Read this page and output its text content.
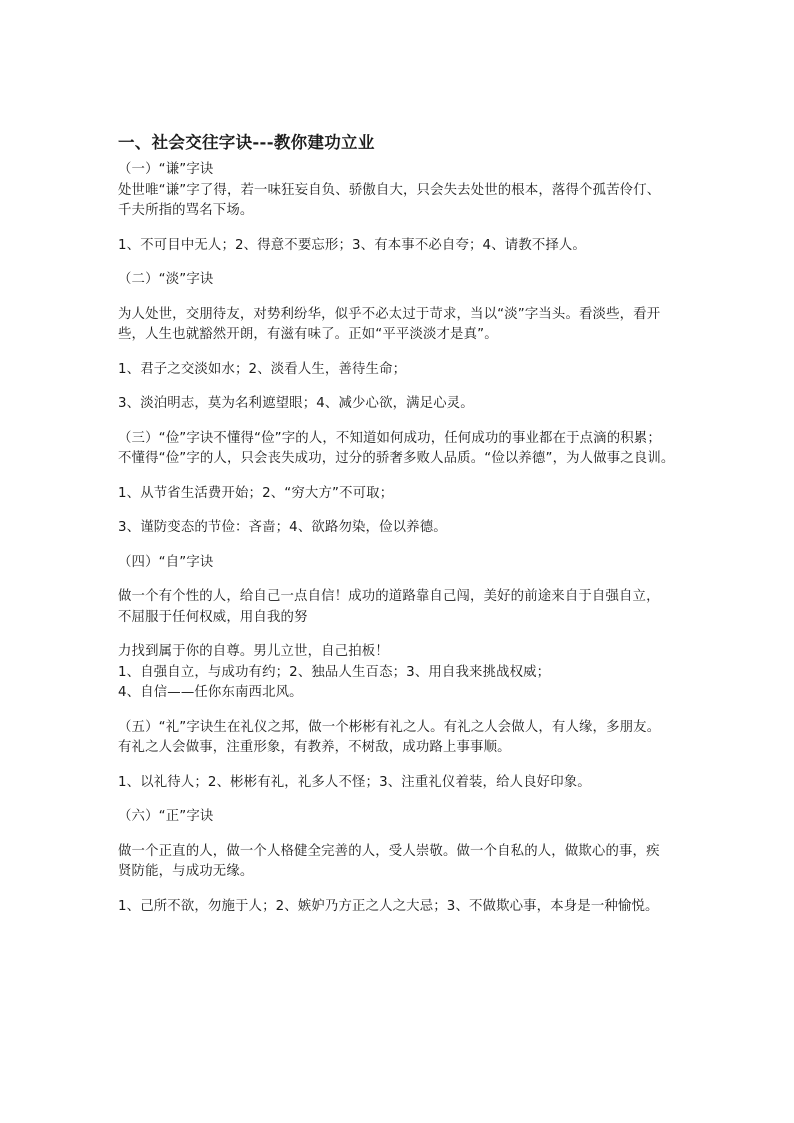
一、社会交往字诀---教你建功立业

（一）“谦”字诀

处世唯“谦”字了得，若一味狂妄自负、骄傲自大，只会失去处世的根本，落得个孤苦伶仃、

千夫所指的骂名下场。

1、不可目中无人；2、得意不要忘形；3、有本事不必自夸；4、请教不择人。

（二）“淡”字诀

为人处世，交朋待友，对势利纷华，似乎不必太过于苛求，当以“淡”字当头。看淡些，看开

些，人生也就豁然开朗，有滋有味了。正如“平平淡淡才是真”。

1、君子之交淡如水；2、淡看人生，善待生命；

3、淡泊明志，莫为名利遮望眼；4、减少心欲，满足心灵。

（三）“俭”字诀不懂得“俭”字的人，不知道如何成功，任何成功的事业都在于点滴的积累；

不懂得“俭”字的人，只会丧失成功，过分的骄奢多败人品质。“俭以养德”，为人做事之良训。

1、从节省生活费开始；2、“穷大方”不可取；

3、谨防变态的节俭：吝啬；4、欲路勿染，俭以养德。

（四）“自”字诀

做一个有个性的人，给自己一点自信！成功的道路靠自己闯，美好的前途来自于自强自立，

不屈服于任何权威，用自我的努

力找到属于你的自尊。男儿立世，自己拍板！

1、自强自立，与成功有约；2、独品人生百态；3、用自我来挑战权威；

4、自信——任你东南西北风。

（五）“礼”字诀生在礼仪之邦，做一个彬彬有礼之人。有礼之人会做人，有人缘，多朋友。

有礼之人会做事，注重形象，有教养，不树敌，成功路上事事顺。

1、以礼待人；2、彬彬有礼，礼多人不怪；3、注重礼仪着装，给人良好印象。

（六）“正”字诀

做一个正直的人，做一个人格健全完善的人，受人崇敬。做一个自私的人，做欺心的事，疾

贤防能，与成功无缘。

1、己所不欲，勿施于人；2、嫉妒乃方正之人之大忌；3、不做欺心事，本身是一种愉悦。
